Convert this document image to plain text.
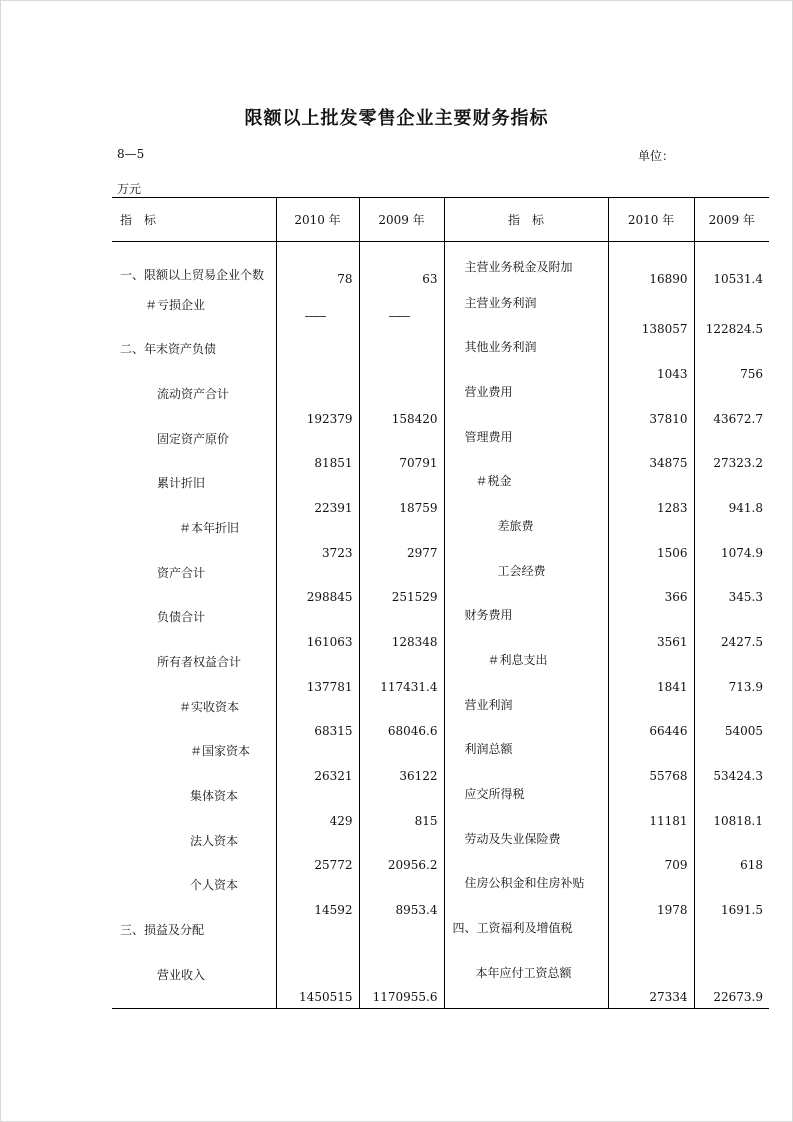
限额以上批发零售企业主要财务指标
8—5	单位：
万元
指　标	2010 年	2009 年	指　标	2010 年	2009 年
一、限额以上贸易企业个数	78	63	主营业务税金及附加	16890	10531.4
＃亏损企业	——	——	主营业务利润	138057	122824.5
二、年末资产负债			其他业务利润	1043	756
流动资产合计	192379	158420	营业费用	37810	43672.7
固定资产原价	81851	70791	管理费用	34875	27323.2
累计折旧	22391	18759	＃税金	1283	941.8
＃本年折旧	3723	2977	差旅费	1506	1074.9
资产合计	298845	251529	工会经费	366	345.3
负债合计	161063	128348	财务费用	3561	2427.5
所有者权益合计	137781	117431.4	＃利息支出	1841	713.9
＃实收资本	68315	68046.6	营业利润	66446	54005
＃国家资本	26321	36122	利润总额	55768	53424.3
集体资本	429	815	应交所得税	11181	10818.1
法人资本	25772	20956.2	劳动及失业保险费	709	618
个人资本	14592	8953.4	住房公积金和住房补贴	1978	1691.5
三、损益及分配			四、工资福利及增值税		
营业收入	1450515	1170955.6	本年应付工资总额	27334	22673.9
